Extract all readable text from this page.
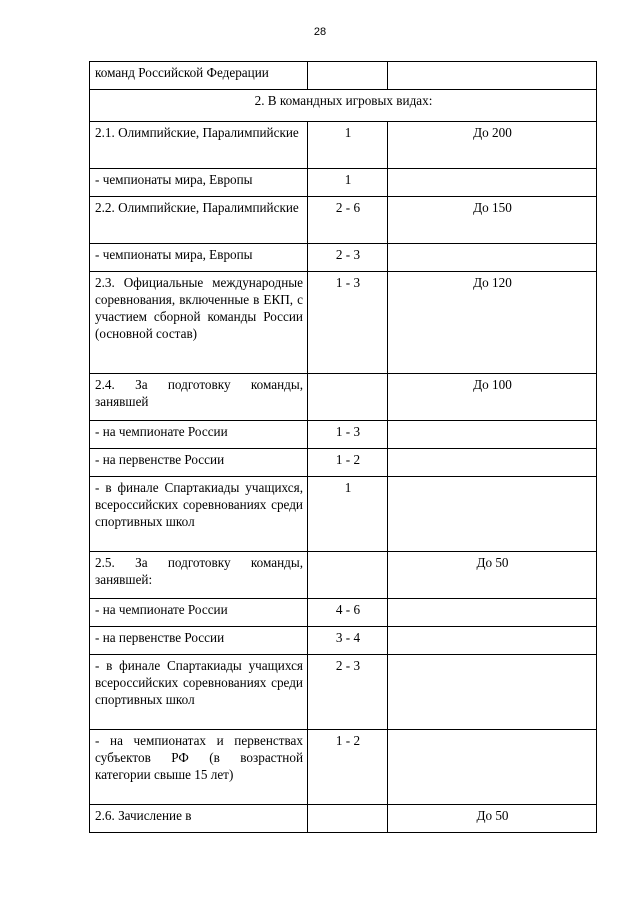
28
команд Российской Федерации		
2. В командных игровых видах:		
2.1. Олимпийские, Паралимпийские	1	До 200
- чемпионаты мира, Европы	1	
2.2. Олимпийские, Паралимпийские	2 - 6	До 150
- чемпионаты мира, Европы	2 - 3	
2.3. Официальные международные соревнования, включенные в ЕКП, с участием сборной команды России (основной состав)	1 - 3	До 120
2.4. За подготовку команды, занявшей		До 100
- на чемпионате России	1 - 3	
- на первенстве России	1 - 2	
- в финале Спартакиады учащихся, всероссийских соревнованиях среди спортивных школ	1	
2.5. За подготовку команды, занявшей:		До 50
- на чемпионате России	4 - 6	
- на первенстве России	3 - 4	
- в финале Спартакиады учащихся всероссийских соревнованиях среди спортивных школ	2 - 3	
- на чемпионатах и первенствах субъектов РФ (в возрастной категории свыше 15 лет)	1 - 2	
2.6. Зачисление в		До 50
